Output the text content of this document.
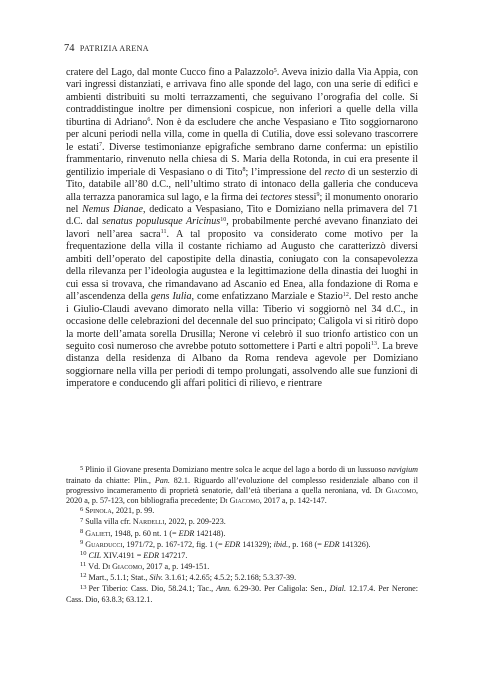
74 PATRIZIA ARENA

cratere del Lago, dal monte Cucco fino a Palazzolo$^5$. Aveva inizio dalla Via Appia, con vari ingressi distanziati, e arrivava fino alle sponde del lago, con una serie di edifici e ambienti distribuiti su molti terrazzamenti, che seguivano l’orografia del colle. Si contraddistingue inoltre per dimensioni cospicue, non inferiori a quelle della villa tiburtina di Adriano$^6$. Non è da escludere che anche Vespasiano e Tito soggiornarono per alcuni periodi nella villa, come in quella di Cutilia, dove essi solevano trascorrere le estati$^7$. Diverse testimonianze epigrafiche sembrano darne conferma: un epistilio frammentario, rinvenuto nella chiesa di S. Maria della Rotonda, in cui era presente il gentilizio imperiale di Vespasiano o di Tito$^8$; l’impressione del recto di un sesterzio di Tito, databile all’80 d.C., nell’ultimo strato di intonaco della galleria che conduceva alla terrazza panoramica sul lago, e la firma dei tectores stessi$^9$; il monumento onorario nel Nemus Dianae, dedicato a Vespasiano, Tito e Domiziano nella primavera del 71 d.C. dal senatus populusque Aricinus$^{10}$, probabilmente perché avevano finanziato dei lavori nell’area sacra$^{11}$. A tal proposito va considerato come motivo per la frequentazione della villa il costante richiamo ad Augusto che caratterizzò diversi ambiti dell’operato del capostipite della dinastia, coniugato con la consapevolezza della rilevanza per l’ideologia augustea e la legittimazione della dinastia dei luoghi in cui essa si trovava, che rimandavano ad Ascanio ed Enea, alla fondazione di Roma e all’ascendenza della gens Iulia, come enfatizzano Marziale e Stazio$^{12}$. Del resto anche i Giulio-Claudi avevano dimorato nella villa: Tiberio vi soggiornò nel 34 d.C., in occasione delle celebrazioni del decennale del suo principato; Caligola vi si ritirò dopo la morte dell’amata sorella Drusilla; Nerone vi celebrò il suo trionfo artistico con un seguito così numeroso che avrebbe potuto sottomettere i Parti e altri popoli$^{13}$. La breve distanza della residenza di Albano da Roma rendeva agevole per Domiziano soggiornare nella villa per periodi di tempo prolungati, assolvendo alle sue funzioni di imperatore e conducendo gli affari politici di rilievo, e rientrare

$^5$ Plinio il Giovane presenta Domiziano mentre solca le acque del lago a bordo di un lussuoso navigium trainato da chiatte: Plin., Pan. 82.1. Riguardo all’evoluzione del complesso residenziale albano con il progressivo incameramento di proprietà senatorie, dall’età tiberiana a quella neroniana, vd. Di Giacomo, 2020 a, p. 57-123, con bibliografia precedente; Di Giacomo, 2017 a, p. 142-147.

$^6$ Spinola, 2021, p. 99.

$^7$ Sulla villa cfr. Nardelli, 2022, p. 209-223.

$^8$ Galieti, 1948, p. 60 nt. 1 (= EDR 142148).

$^9$ Guarducci, 1971/72, p. 167-172, fig. 1 (= EDR 141329); ibid., p. 168 (= EDR 141326).

$^{10}$ CIL XIV.4191 = EDR 147217.

$^{11}$ Vd. Di Giacomo, 2017 a, p. 149-151.

$^{12}$ Mart., 5.1.1; Stat., Silv. 3.1.61; 4.2.65; 4.5.2; 5.2.168; 5.3.37-39.

$^{13}$ Per Tiberio: Cass. Dio, 58.24.1; Tac., Ann. 6.29-30. Per Caligola: Sen., Dial. 12.17.4. Per Nerone: Cass. Dio, 63.8.3; 63.12.1.
